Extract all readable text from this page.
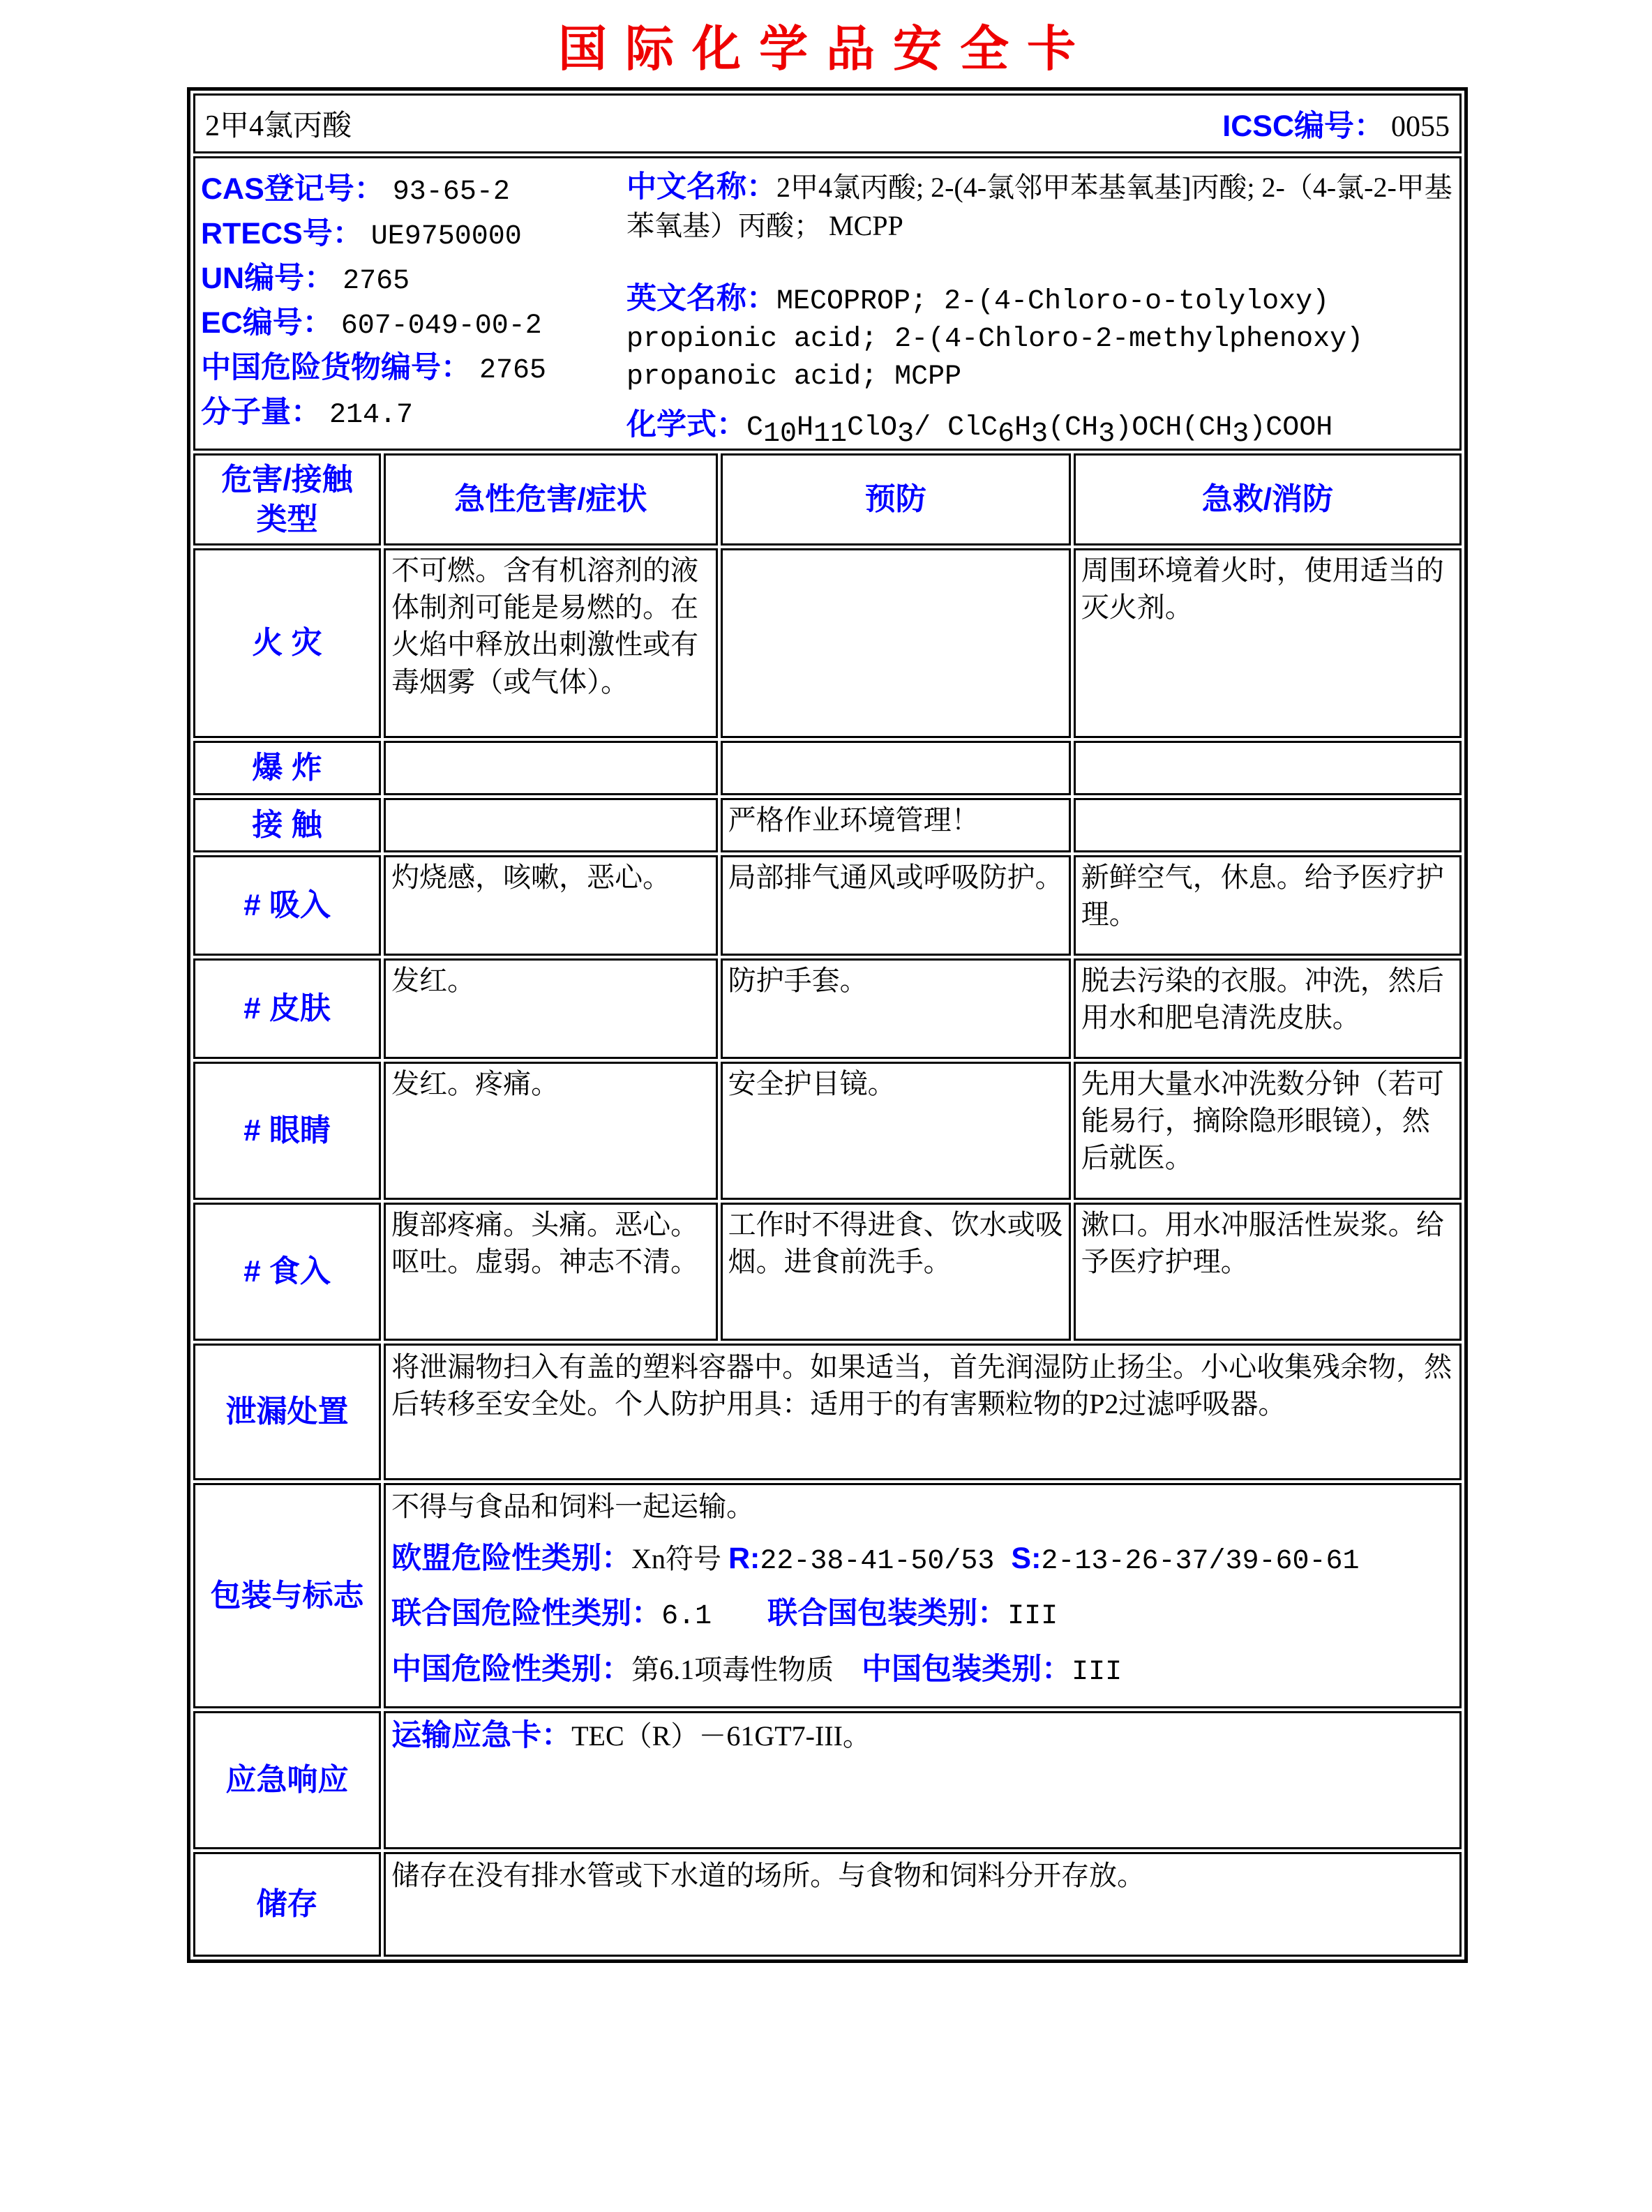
国际化学品安全卡
2甲4氯丙酸 ICSC编号： 0055			

CAS登记号： 93-65-2
RTECS号： UE9750000
UN编号： 2765
EC编号： 607-049-00-2
中国危险货物编号： 2765
分子量： 214.7

中文名称：2甲4氯丙酸; 2-(4-氯邻甲苯基氧基]丙酸; 2-（4-氯-2-甲基苯氧基）丙酸； MCPP

英文名称：MECOPROP; 2-(4-Chloro-o-tolyloxy) propionic acid; 2-(4-Chloro-2-methylphenoxy) propanoic acid; MCPP

化学式：$C_{10}H_{11}ClO_3/$ $ClC_6H_3(CH_3)OCH(CH_3)COOH$

危害/接触类型	急性危害/症状	预防	急救/消防
火 灾	不可燃。含有机溶剂的液体制剂可能是易燃的。在火焰中释放出刺激性或有毒烟雾（或气体）。		周围环境着火时，使用适当的灭火剂。
爆 炸			
接 触		严格作业环境管理！	
# 吸入	灼烧感，咳嗽，恶心。	局部排气通风或呼吸防护。	新鲜空气，休息。给予医疗护理。
# 皮肤	发红。	防护手套。	脱去污染的衣服。冲洗，然后用水和肥皂清洗皮肤。
# 眼睛	发红。疼痛。	安全护目镜。	先用大量水冲洗数分钟（若可能易行，摘除隐形眼镜），然后就医。
# 食入	腹部疼痛。头痛。恶心。呕吐。虚弱。神志不清。	工作时不得进食、饮水或吸烟。进食前洗手。	漱口。用水冲服活性炭浆。给予医疗护理。
泄漏处置	将泄漏物扫入有盖的塑料容器中。如果适当，首先润湿防止扬尘。小心收集残余物，然后转移至安全处。个人防护用具：适用于的有害颗粒物的P2过滤呼吸器。		

包装与标志	不得与食品和饲料一起运输。

欧盟危险性类别：Xn符号 R:22-38-41-50/53 S:2-13-26-37/39-60-61

联合国危险性类别：6.1　　 联合国包装类别：III

中国危险性类别：第6.1项毒性物质　 中国包装类别：III		

应急响应	运输应急卡：TEC（R）－61GT7-III。		

储存	储存在没有排水管或下水道的场所。与食物和饲料分开存放。		
